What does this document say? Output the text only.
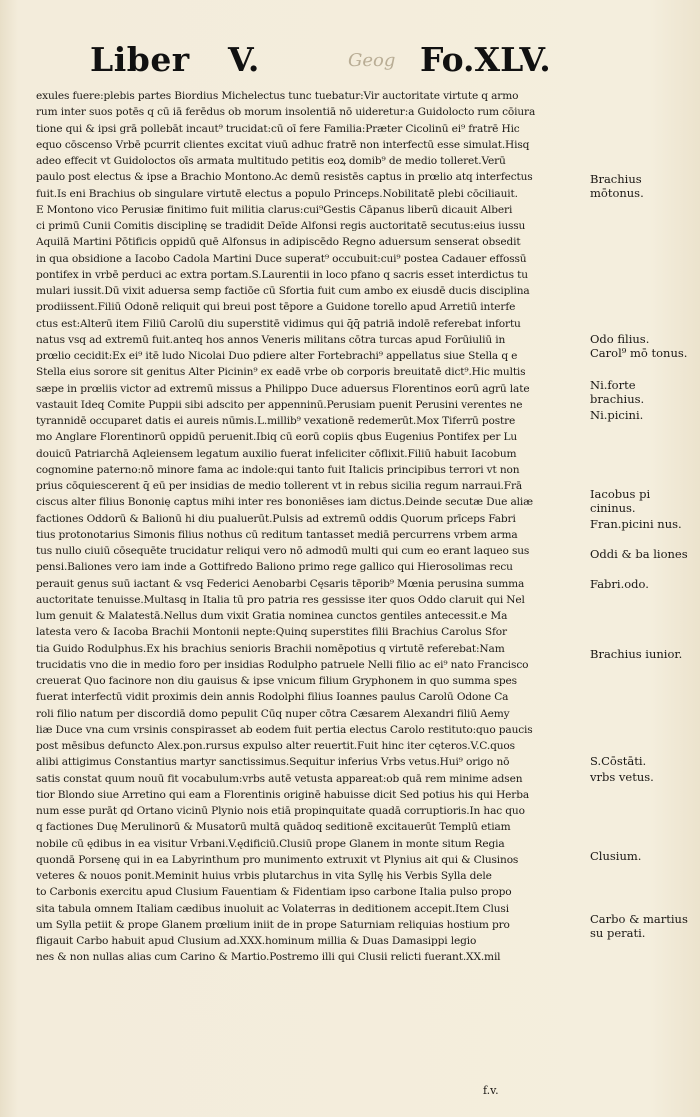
Liber V.	Geog Fo.XLV.
exules fuere:plebis partes Biordius Michelectus tunc tuebatur:Vir auctoritate virtute q armo
rum inter suos potēs q cū iā ferēdus ob morum insolentiā nō uideretur:a Guidolocto rum cōiura
tione qui & ipsi grā pollebāt incaut⁹ trucidat:cū oī fere Familia:Præter Cicolinū ei⁹ fratrē Hic
equo cōscenso Vrbē pcurrit clientes excitat viuū adhuc fratrē non interfectū esse simulat.Hisq
adeo effecit vt Guidoloctos oīs armata multitudo petitis eoꝝ domib⁹ de medio tolleret.Verū
paulo post electus & ipse a Brachio Montono.Ac demū resistēs captus in prœlio atq interfectus
fuit.Is eni Brachius ob singulare virtutē electus a populo Princeps.Nobilitatē plebi cōciliauit.
E Montono vico Perusiæ finitimo fuit militia clarus:cui⁹Gestis Cāpanus liberū dicauit Alberi
ci primū Cunii Comitis disciplinę se tradidit Deīde Alfonsi regis auctoritatē secutus:eius iussu
Aquilā Martini Pōtificis oppidū quē Alfonsus in adipiscēdo Regno aduersum senserat obsedit
in qua obsidione a Iacobo Cadola Martini Duce superat⁹ occubuit:cui⁹ postea Cadauer effossū
pontifex in vrbē perduci ac extra portam.S.Laurentii in loco pfano q sacris esset interdictus tu
mulari iussit.Dū vixit aduersa semp factiōe cū Sfortia fuit cum ambo ex eiusdē ducis disciplina
prodiissent.Filiū Odonē reliquit qui breui post tēpore a Guidone torello apud Arretiū interfe
ctus est:Alterū item Filiū Carolū diu superstitē vidimus qui q̄q̄ patriā indolē referebat infortu
natus vsq ad extremū fuit.anteq hos annos Veneris militans cōtra turcas apud Forūiuliū in
prœlio cecidit:Ex ei⁹ itē ludo Nicolai Duo pdiere alter Fortebrachi⁹ appellatus siue Stella q e
Stella eius sorore sit genitus Alter Picinin⁹ ex eadē vrbe ob corporis breuitatē dict⁹.Hic multis
sæpe in prœliis victor ad extremū missus a Philippo Duce aduersus Florentinos eorū agrū late
vastauit Ideq Comite Puppii sibi adscito per appenninū.Perusiam puenit Perusini verentes ne
tyrannidē occuparet datis ei aureis nūmis.L.millib⁹ vexationē redemerūt.Mox Tiferrū postre
mo Anglare Florentinorū oppidū peruenit.Ibiq cū eorū copiis qbus Eugenius Pontifex per Lu
douicū Patriarchā Aqleiensem legatum auxilio fuerat infeliciter cōflixit.Filiū habuit Iacobum
cognomine paterno:nō minore fama ac indole:qui tanto fuit Italicis principibus terrori vt non
prius cōquiescerent q̄ eū per insidias de medio tollerent vt in rebus sicilia regum narraui.Frā
ciscus alter filius Bononię captus mihi inter res bononiēses iam dictus.Deinde secutæ Due aliæ
factiones Oddorū & Balionū hi diu pualuerūt.Pulsis ad extremū oddis Quorum prīceps Fabri
tius protonotarius Simonis filius nothus cū reditum tantasset mediā percurrens vrbem arma
tus nullo ciuiū cōsequēte trucidatur reliqui vero nō admodū multi qui cum eo erant laqueo sus
pensi.Baliones vero iam inde a Gottifredo Baliono primo rege gallico qui Hierosolimas recu
perauit genus suū iactant & vsq Federici Aenobarbi Cęsaris tēporib⁹ Mœnia perusina summa
auctoritate tenuisse.Multasq in Italia tū pro patria res gessisse iter quos Oddo claruit qui Nel
lum genuit & Malatestā.Nellus dum vixit Gratia nominea cunctos gentiles antecessit.e Ma
latesta vero & Iacoba Brachii Montonii nepte:Quinq superstites filii Brachius Carolus Sfor
tia Guido Rodulphus.Ex his brachius senioris Brachii nomēpotius q virtutē referebat:Nam
trucidatis vno die in medio foro per insidias Rodulpho patruele Nelli filio ac ei⁹ nato Francisco
creuerat Quo facinore non diu gauisus & ipse vnicum filium Gryphonem in quo summa spes
fuerat interfectū vidit proximis dein annis Rodolphi filius Ioannes paulus Carolū Odone Ca
roli filio natum per discordiā domo pepulit Cūq nuper cōtra Cæsarem Alexandri filiū Aemy
liæ Duce vna cum vrsinis conspirasset ab eodem fuit pertia electus Carolo restituto:quo paucis
post mēsibus defuncto Alex.pon.rursus expulso alter reuertit.Fuit hinc iter cęteros.V.C.quos
alibi attigimus Constantius martyr sanctissimus.Sequitur inferius Vrbs vetus.Hui⁹ origo nō
satis constat quum nouū fit vocabulum:vrbs autē vetusta appareat:ob quā rem minime adsen
tior Blondo siue Arretino qui eam a Florentinis originē habuisse dicit Sed potius his qui Herba
num esse purāt qd Ortano vicinū Plynio nois etiā propinquitate quadā corruptioris.In hac quo
q factiones Duę Merulinorū & Musatorū multā quādoq seditionē excitauerūt Templū etiam
nobile cū ędibus in ea visitur Vrbani.V.ędificiū.Clusiū prope Glanem in monte situm Regia
quondā Porsenę qui in ea Labyrinthum pro munimento extruxit vt Plynius ait qui & Clusinos
veteres & nouos ponit.Meminit huius vrbis plutarchus in vita Syllę his Verbis Sylla dele
to Carbonis exercitu apud Clusium Fauentiam & Fidentiam ipso carbone Italia pulso propo
sita tabula omnem Italiam cædibus inuoluit ac Volaterras in deditionem accepit.Item Clusi
um Sylla petiit & prope Glanem prœlium iniit de in prope Saturniam reliquias hostium pro
fligauit Carbo habuit apud Clusium ad.XXX.hominum millia & Duas Damasippi legio
nes & non nullas alias cum Carino & Martio.Postremo illi qui Clusii relicti fuerant.XX.mil
Brachius mōtonus.
Odo filius. Carol⁹ mō tonus.
Ni.forte brachius.
Ni.picini.
Iacobus pi cininus.
Fran.picini nus.
Oddi & ba liones
Fabri.odo.
Brachius iunior.
S.Cōstāti.
vrbs vetus.
Clusium.
Carbo & martius su perati.
f.v.
